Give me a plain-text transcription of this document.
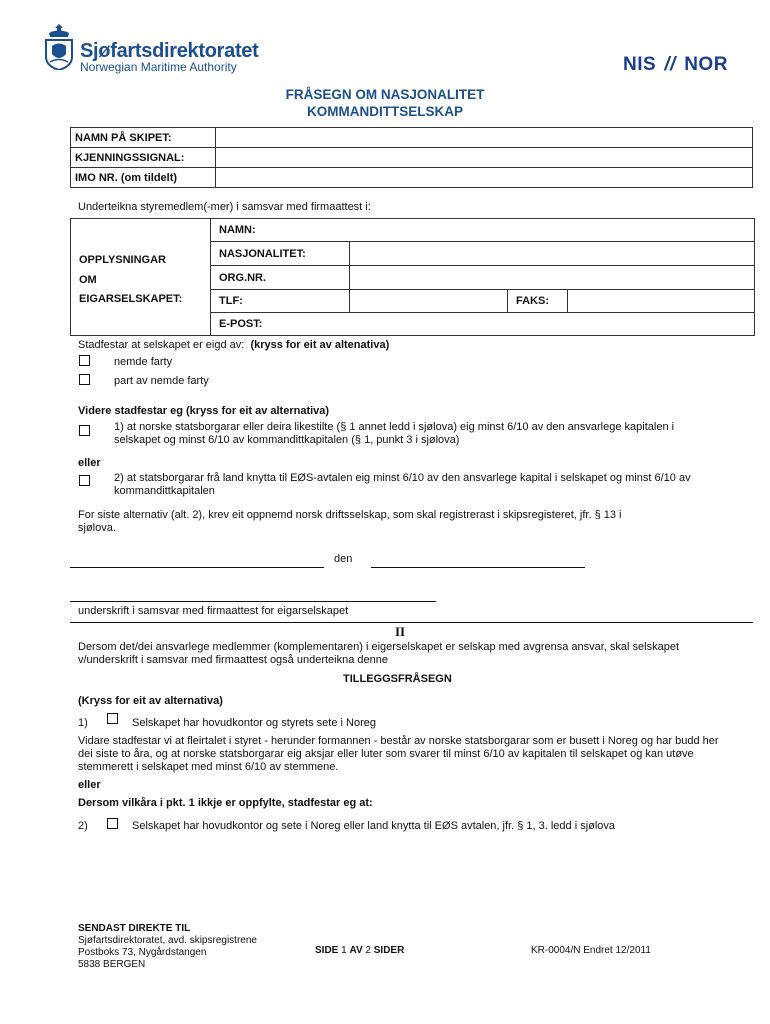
Sjøfartsdirektoratet
Norwegian Maritime Authority	NIS // NOR
FRÅSEGN OM NASJONALITET
KOMMANDITTSELSKAP
NAMN PÅ SKIPET:	
KJENNINGSSIGNAL:	
IMO NR. (om tildelt)	
Underteikna styremedlem(-mer) i samsvar med firmaattest i:
OPPLYSNINGAR
OM
EIGARSELSKAPET:
NAMN:
NASJONALITET:
ORG.NR.
TLF:	FAKS:
E-POST:
Stadfestar at selskapet er eigd av: (kryss for eit av altenativa)
nemde farty
part av nemde farty
Videre stadfestar eg (kryss for eit av alternativa)
1) at norske statsborgarar eller deira likestilte (§ 1 annet ledd i sjølova) eig minst 6/10 av den ansvarlege kapitalen i selskapet og minst 6/10 av kommandittkapitalen (§ 1, punkt 3 i sjølova)
eller
2) at statsborgarar frå land knytta til EØS-avtalen eig minst 6/10 av den ansvarlege kapital i selskapet og minst 6/10 av kommandittkapitalen
For siste alternativ (alt. 2), krev eit oppnemd norsk driftsselskap, som skal registrerast i skipsregisteret, jfr. § 13 i sjølova.
den
underskrift i samsvar med firmaattest for eigarselskapet
II
Dersom det/dei ansvarlege medlemmer (komplementaren) i eigerselskapet er selskap med avgrensa ansvar, skal selskapet v/underskrift i samsvar med firmaattest også underteikna denne
TILLEGGSFRÅSEGN
(Kryss for eit av alternativa)
1)	Selskapet har hovudkontor og styrets sete i Noreg
Vidare stadfestar vi at fleirtalet i styret - herunder formannen - består av norske statsborgarar som er busett i Noreg og har budd her dei siste to åra, og at norske statsborgarar eig aksjar eller luter som svarer til minst 6/10 av kapitalen til selskapet og kan utøve stemmerett i selskapet med minst 6/10 av stemmene.
eller
Dersom vilkåra i pkt. 1 ikkje er oppfylte, stadfestar eg at:
2)	Selskapet har hovudkontor og sete i Noreg eller land knytta til EØS avtalen, jfr. § 1, 3. ledd i sjølova
SENDAST DIREKTE TIL
Sjøfartsdirektoratet, avd. skipsregistrene
Postboks 73, Nygårdstangen
5838 BERGEN
SIDE 1 AV 2 SIDER	KR-0004/N Endret 12/2011
